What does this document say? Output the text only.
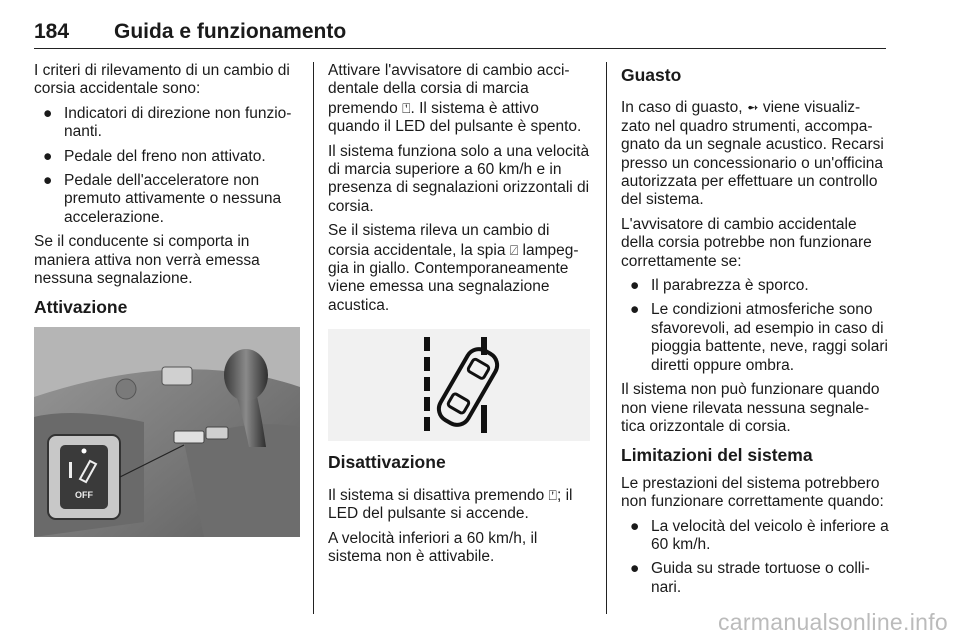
184 Guida e funzionamento

I criteri di rilevamento di un cambio di corsia accidentale sono:

● Indicatori di direzione non funzio-nanti.
● Pedale del freno non attivato.
● Pedale dell'acceleratore non premuto attivamente o nessuna accelerazione.

Se il conducente si comporta in maniera attiva non verrà emessa nessuna segnalazione.

Attivazione
OFF

Attivare l'avvisatore di cambio acci-dentale della corsia di marcia premendo ⍞. Il sistema è attivo quando il LED del pulsante è spento.

Il sistema funziona solo a una velocità di marcia superiore a 60 km/h e in presenza di segnalazioni orizzontali di corsia.

Se il sistema rileva un cambio di corsia accidentale, la spia ⍁ lampeg-gia in giallo. Contemporaneamente viene emessa una segnalazione acustica.

Disattivazione

Il sistema si disattiva premendo ⍞; il LED del pulsante si accende.

A velocità inferiori a 60 km/h, il sistema non è attivabile.

Guasto

In caso di guasto, ➻ viene visualiz-zato nel quadro strumenti, accompa-gnato da un segnale acustico. Recarsi presso un concessionario o un'officina autorizzata per effettuare un controllo del sistema.

L'avvisatore di cambio accidentale della corsia potrebbe non funzionare correttamente se:

● Il parabrezza è sporco.
● Le condizioni atmosferiche sono sfavorevoli, ad esempio in caso di pioggia battente, neve, raggi solari diretti oppure ombra.

Il sistema non può funzionare quando non viene rilevata nessuna segnale-tica orizzontale di corsia.

Limitazioni del sistema

Le prestazioni del sistema potrebbero non funzionare correttamente quando:

● La velocità del veicolo è inferiore a 60 km/h.
● Guida su strade tortuose o colli-nari.
carmanualsonline.info
